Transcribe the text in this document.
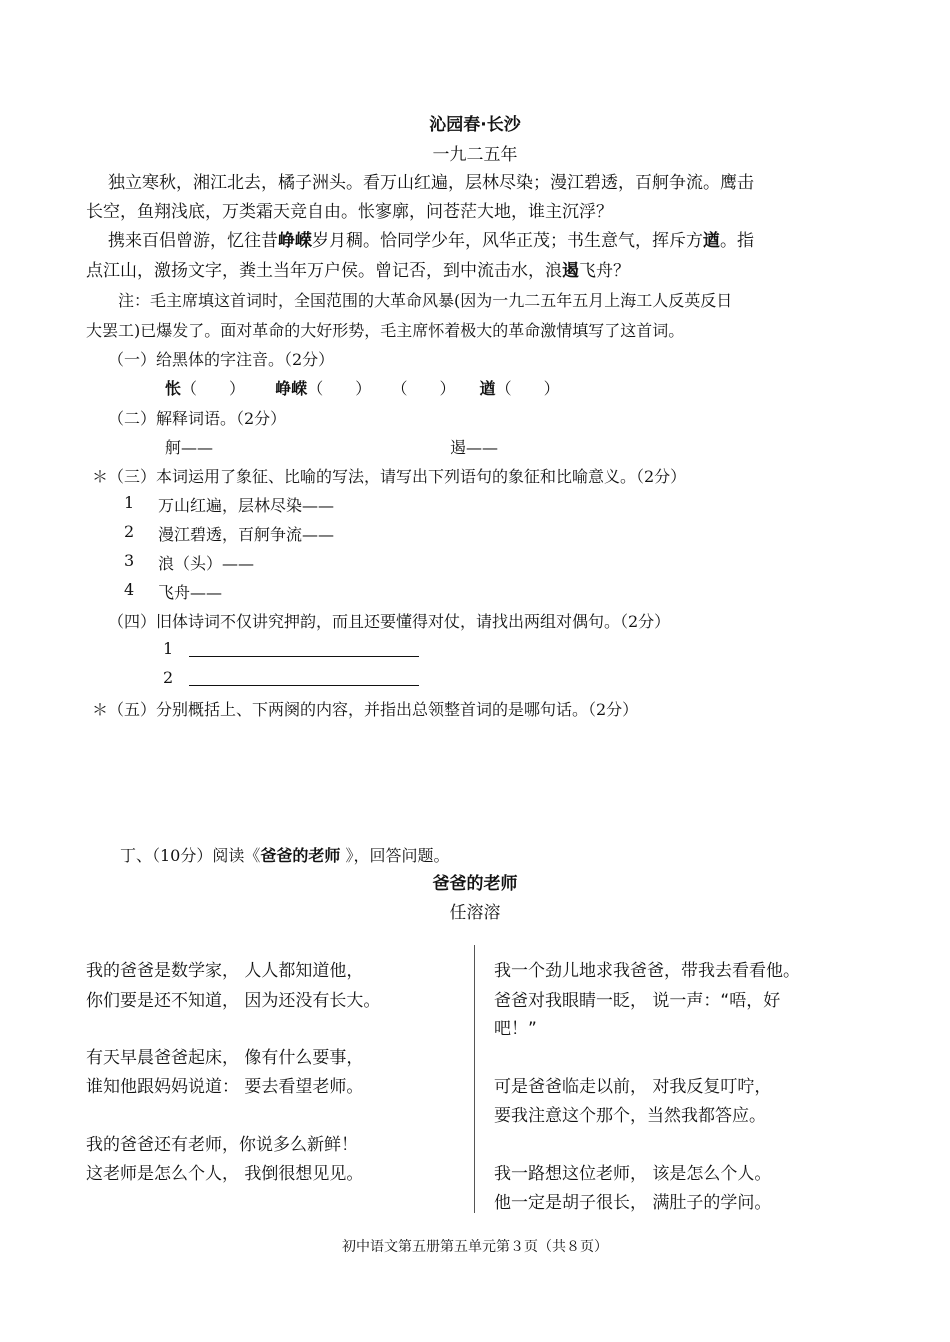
沁园春·长沙
一九二五年
独立寒秋，湘江北去，橘子洲头。看万山红遍，层林尽染；漫江碧透，百舸争流。鹰击
长空，鱼翔浅底，万类霜天竞自由。怅寥廓，问苍茫大地，谁主沉浮？
携来百侣曾游，忆往昔峥嵘岁月稠。恰同学少年，风华正茂；书生意气，挥斥方遒。指
点江山，激扬文字，粪土当年万户侯。曾记否，到中流击水，浪遏飞舟？
注：毛主席填这首词时，全国范围的大革命风暴(因为一九二五年五月上海工人反英反日
大罢工)已爆发了。面对革命的大好形势，毛主席怀着极大的革命激情填写了这首词。
（一）给黑体的字注音。（2分）
怅（　　） 峥嵘（　　） （　　） 遒（　　）
（二）解释词语。（2分）
舸——	遏——
＊（三）本词运用了象征、比喻的写法，请写出下列语句的象征和比喻意义。（2分）
1 万山红遍，层林尽染——
2 漫江碧透，百舸争流——
3 浪（头）——
4 飞舟——
（四）旧体诗词不仅讲究押韵，而且还要懂得对仗，请找出两组对偶句。（2分）
1
2
＊（五）分别概括上、下两阕的内容，并指出总领整首词的是哪句话。（2分）
丁、（10分）阅读《爸爸的老师 》，回答问题。
爸爸的老师
任溶溶
我的爸爸是数学家， 人人都知道他，
你们要是还不知道， 因为还没有长大。
有天早晨爸爸起床， 像有什么要事，
谁知他跟妈妈说道： 要去看望老师。
我的爸爸还有老师，你说多么新鲜！
这老师是怎么个人， 我倒很想见见。
我一个劲儿地求我爸爸，带我去看看他。
爸爸对我眼睛一眨， 说一声：“唔，好
吧！”
可是爸爸临走以前， 对我反复叮咛，
要我注意这个那个，当然我都答应。
我一路想这位老师， 该是怎么个人。
他一定是胡子很长， 满肚子的学问。
初中语文第五册第五单元第３页（共８页）
